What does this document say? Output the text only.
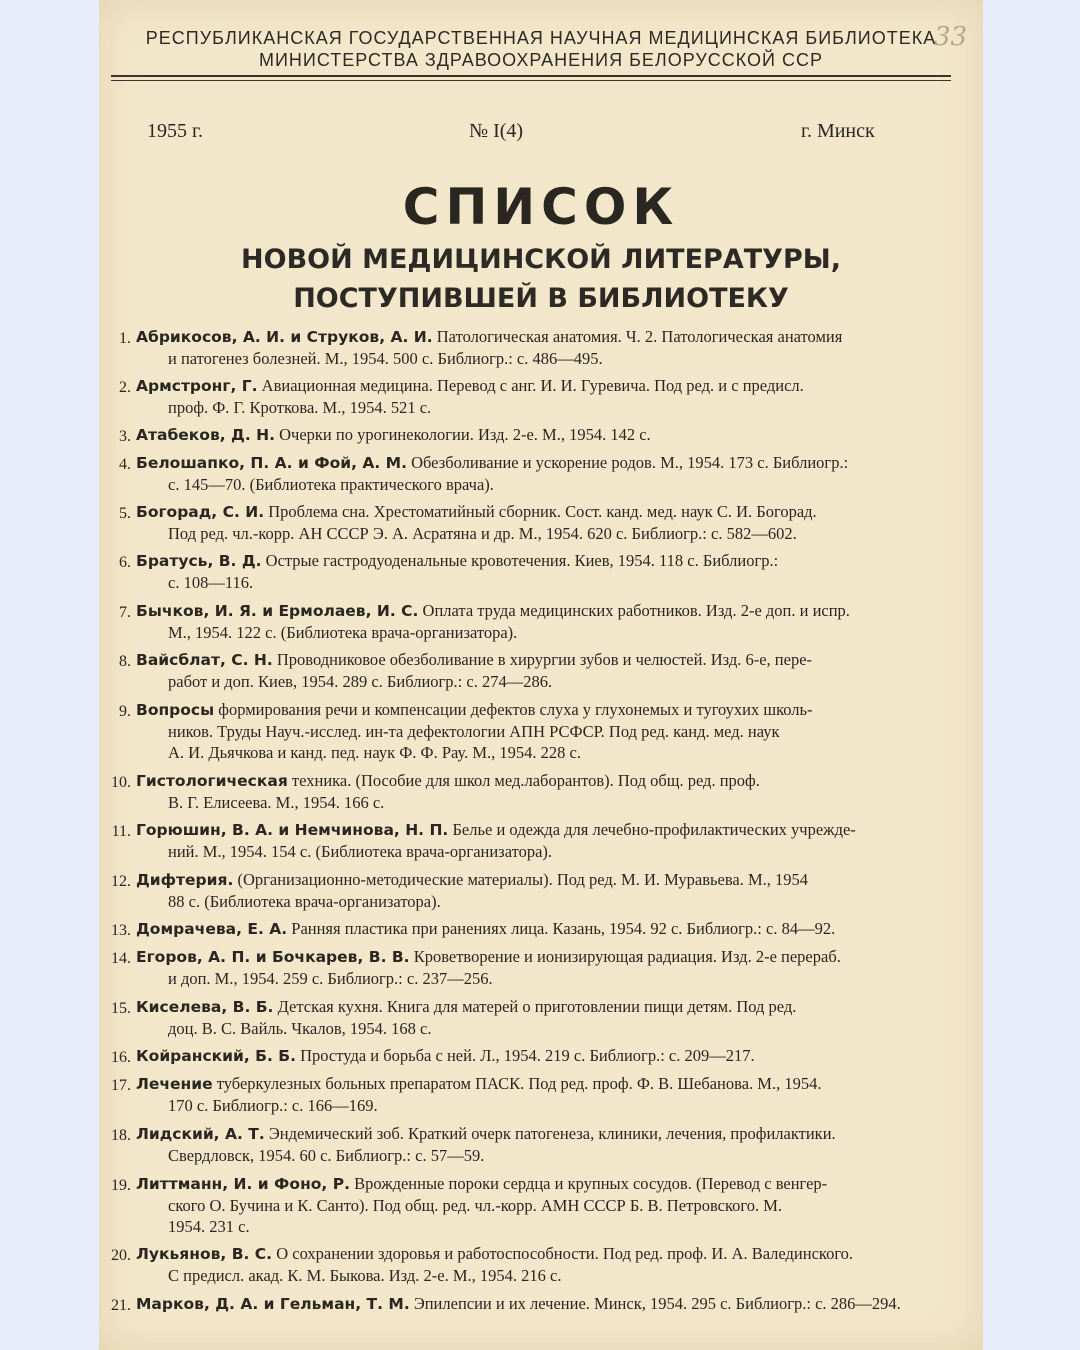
33
РЕСПУБЛИКАНСКАЯ ГОСУДАРСТВЕННАЯ НАУЧНАЯ МЕДИЦИНСКАЯ БИБЛИОТЕКА
МИНИСТЕРСТВА ЗДРАВООХРАНЕНИЯ БЕЛОРУССКОЙ ССР
1955 г.	№ I(4)	г. Минск
СПИСОК
НОВОЙ МЕДИЦИНСКОЙ ЛИТЕРАТУРЫ,
ПОСТУПИВШЕЙ В БИБЛИОТЕКУ
1. Абрикосов, А. И. и Струков, А. И. Патологическая анатомия. Ч. 2. Патологическая анатомия
и патогенез болезней. М., 1954. 500 с. Библиогр.: с. 486—495.
2. Армстронг, Г. Авиационная медицина. Перевод с анг. И. И. Гуревича. Под ред. и с предисл.
проф. Ф. Г. Кроткова. М., 1954. 521 с.
3. Атабеков, Д. Н. Очерки по урогинекологии. Изд. 2-е. М., 1954. 142 с.
4. Белошапко, П. А. и Фой, А. М. Обезболивание и ускорение родов. М., 1954. 173 с. Библиогр.:
с. 145—70. (Библиотека практического врача).
5. Богорад, С. И. Проблема сна. Хрестоматийный сборник. Сост. канд. мед. наук С. И. Богорад.
Под ред. чл.-корр. АН СССР Э. А. Асратяна и др. М., 1954. 620 с. Библиогр.: с. 582—602.
6. Братусь, В. Д. Острые гастродуоденальные кровотечения. Киев, 1954. 118 с. Библиогр.:
с. 108—116.
7. Бычков, И. Я. и Ермолаев, И. С. Оплата труда медицинских работников. Изд. 2-е доп. и испр.
М., 1954. 122 с. (Библиотека врача-организатора).
8. Вайсблат, С. Н. Проводниковое обезболивание в хирургии зубов и челюстей. Изд. 6-е, пере-
работ и доп. Киев, 1954. 289 с. Библиогр.: с. 274—286.
9. Вопросы формирования речи и компенсации дефектов слуха у глухонемых и тугоухих школь-
ников. Труды Науч.-исслед. ин-та дефектологии АПН РСФСР. Под ред. канд. мед. наук
А. И. Дьячкова и канд. пед. наук Ф. Ф. Рау. М., 1954. 228 с.
10. Гистологическая техника. (Пособие для школ мед.лаборантов). Под общ. ред. проф.
В. Г. Елисеева. М., 1954. 166 с.
11. Горюшин, В. А. и Немчинова, Н. П. Белье и одежда для лечебно-профилактических учрежде-
ний. М., 1954. 154 с. (Библиотека врача-организатора).
12. Дифтерия. (Организационно-методические материалы). Под ред. М. И. Муравьева. М., 1954
88 с. (Библиотека врача-организатора).
13. Домрачева, Е. А. Ранняя пластика при ранениях лица. Казань, 1954. 92 с. Библиогр.: с. 84—92.
14. Егоров, А. П. и Бочкарев, В. В. Кроветворение и ионизирующая радиация. Изд. 2-е перераб.
и доп. М., 1954. 259 с. Библиогр.: с. 237—256.
15. Киселева, В. Б. Детская кухня. Книга для матерей о приготовлении пищи детям. Под ред.
доц. В. С. Вайль. Чкалов, 1954. 168 с.
16. Койранский, Б. Б. Простуда и борьба с ней. Л., 1954. 219 с. Библиогр.: с. 209—217.
17. Лечение туберкулезных больных препаратом ПАСК. Под ред. проф. Ф. В. Шебанова. М., 1954.
170 с. Библиогр.: с. 166—169.
18. Лидский, А. Т. Эндемический зоб. Краткий очерк патогенеза, клиники, лечения, профилактики.
Свердловск, 1954. 60 с. Библиогр.: с. 57—59.
19. Литтманн, И. и Фоно, Р. Врожденные пороки сердца и крупных сосудов. (Перевод с венгер-
ского О. Бучина и К. Санто). Под общ. ред. чл.-корр. АМН СССР Б. В. Петровского. М.
1954. 231 с.
20. Лукьянов, В. С. О сохранении здоровья и работоспособности. Под ред. проф. И. А. Валединского.
С предисл. акад. К. М. Быкова. Изд. 2-е. М., 1954. 216 с.
21. Марков, Д. А. и Гельман, Т. М. Эпилепсии и их лечение. Минск, 1954. 295 с. Библиогр.: с. 286—294.
